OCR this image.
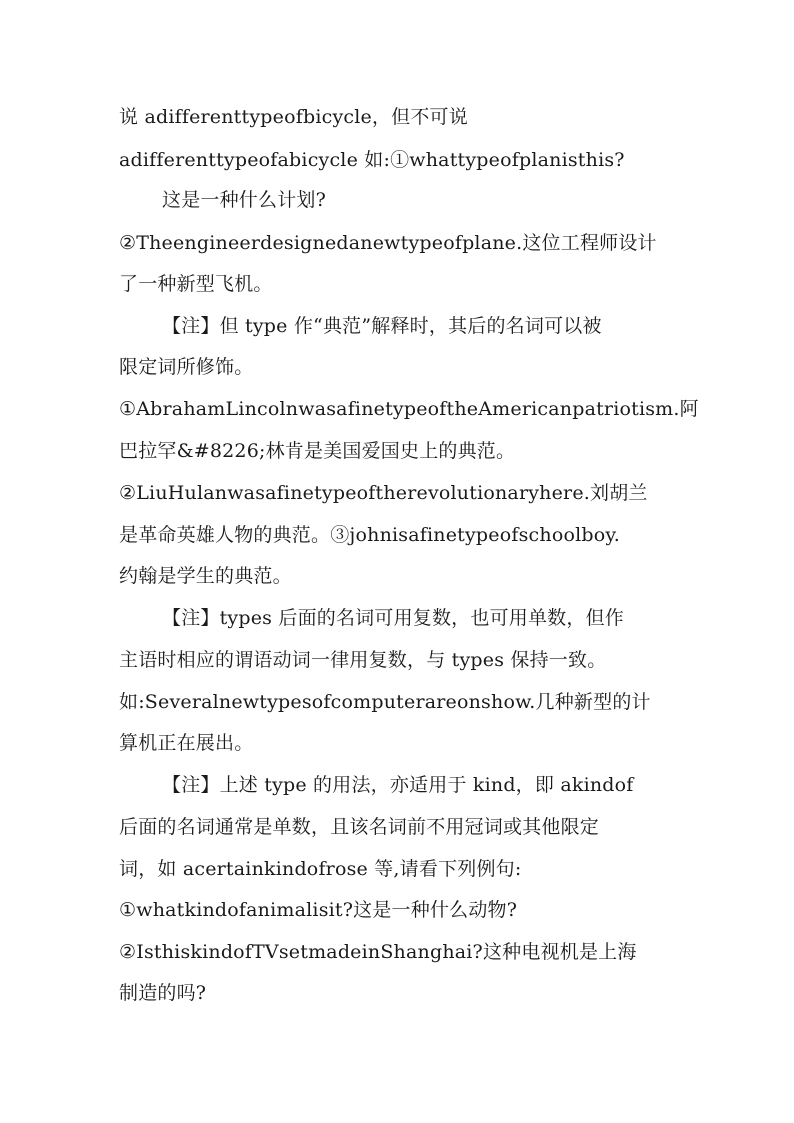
说 adifferenttypeofbicycle，但不可说
adifferenttypeofabicycle 如:①whattypeofplanisthis?
这是一种什么计划?
②Theengineerdesignedanewtypeofplane.这位工程师设计
了一种新型飞机。
【注】但 type 作“典范”解释时，其后的名词可以被
限定词所修饰。
①AbrahamLincolnwasafinetypeoftheAmericanpatriotism.阿
巴拉罕&#8226;林肯是美国爱国史上的典范。
②LiuHulanwasafinetypeoftherevolutionaryhere.刘胡兰
是革命英雄人物的典范。③johnisafinetypeofschoolboy.
约翰是学生的典范。
【注】types 后面的名词可用复数，也可用单数，但作
主语时相应的谓语动词一律用复数，与 types 保持一致。
如:Severalnewtypesofcomputerareonshow.几种新型的计
算机正在展出。
【注】上述 type 的用法，亦适用于 kind，即 akindof
后面的名词通常是单数，且该名词前不用冠词或其他限定
词，如 acertainkindofrose 等,请看下列例句:
①whatkindofanimalisit?这是一种什么动物?
②IsthiskindofTVsetmadeinShanghai?这种电视机是上海
制造的吗?
